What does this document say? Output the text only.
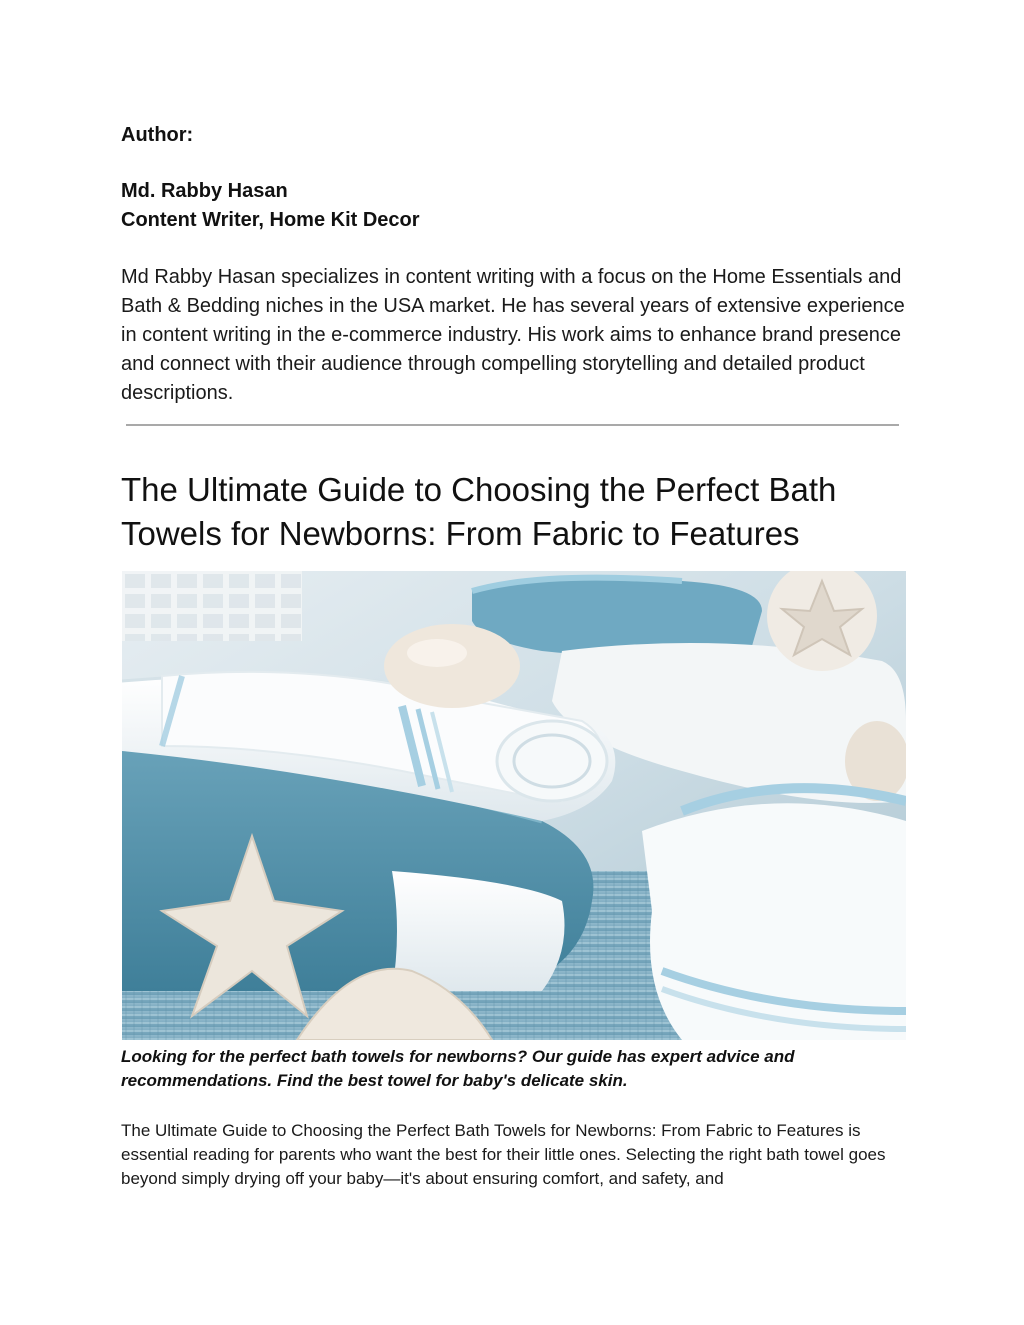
Author:

Md. Rabby Hasan

Content Writer, Home Kit Decor

Md Rabby Hasan specializes in content writing with a focus on the Home Essentials and Bath & Bedding niches in the USA market. He has several years of extensive experience in content writing in the e-commerce industry. His work aims to enhance brand presence and connect with their audience through compelling storytelling and detailed product descriptions.

The Ultimate Guide to Choosing the Perfect Bath Towels for Newborns: From Fabric to Features

Looking for the perfect bath towels for newborns? Our guide has expert advice and recommendations. Find the best towel for baby's delicate skin.

The Ultimate Guide to Choosing the Perfect Bath Towels for Newborns: From Fabric to Features is essential reading for parents who want the best for their little ones. Selecting the right bath towel goes beyond simply drying off your baby—it's about ensuring comfort, and safety, and
